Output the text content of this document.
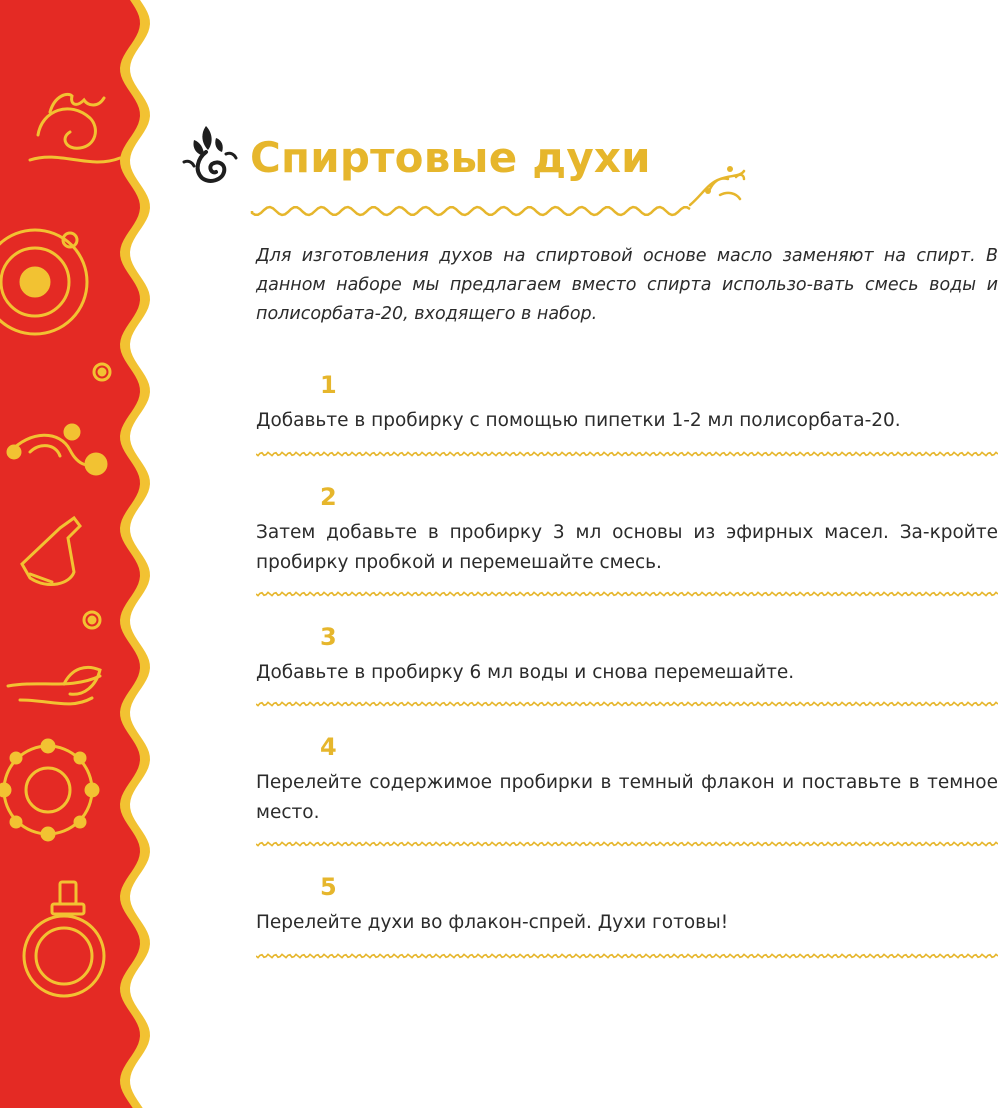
Спиртовые духи

Для изготовления духов на спиртовой основе масло заменяют на спирт. В данном наборе мы предлагаем вместо спирта использо-вать смесь воды и полисорбата-20, входящего в набор.

1

Добавьте в пробирку с помощью пипетки 1-2 мл полисорбата-20.

2

Затем добавьте в пробирку 3 мл основы из эфирных масел. За-кройте пробирку пробкой и перемешайте смесь.

3

Добавьте в пробирку 6 мл воды и снова перемешайте.

4

Перелейте содержимое пробирки в темный флакон и поставьте в темное место.

5

Перелейте духи во флакон-спрей. Духи готовы!
